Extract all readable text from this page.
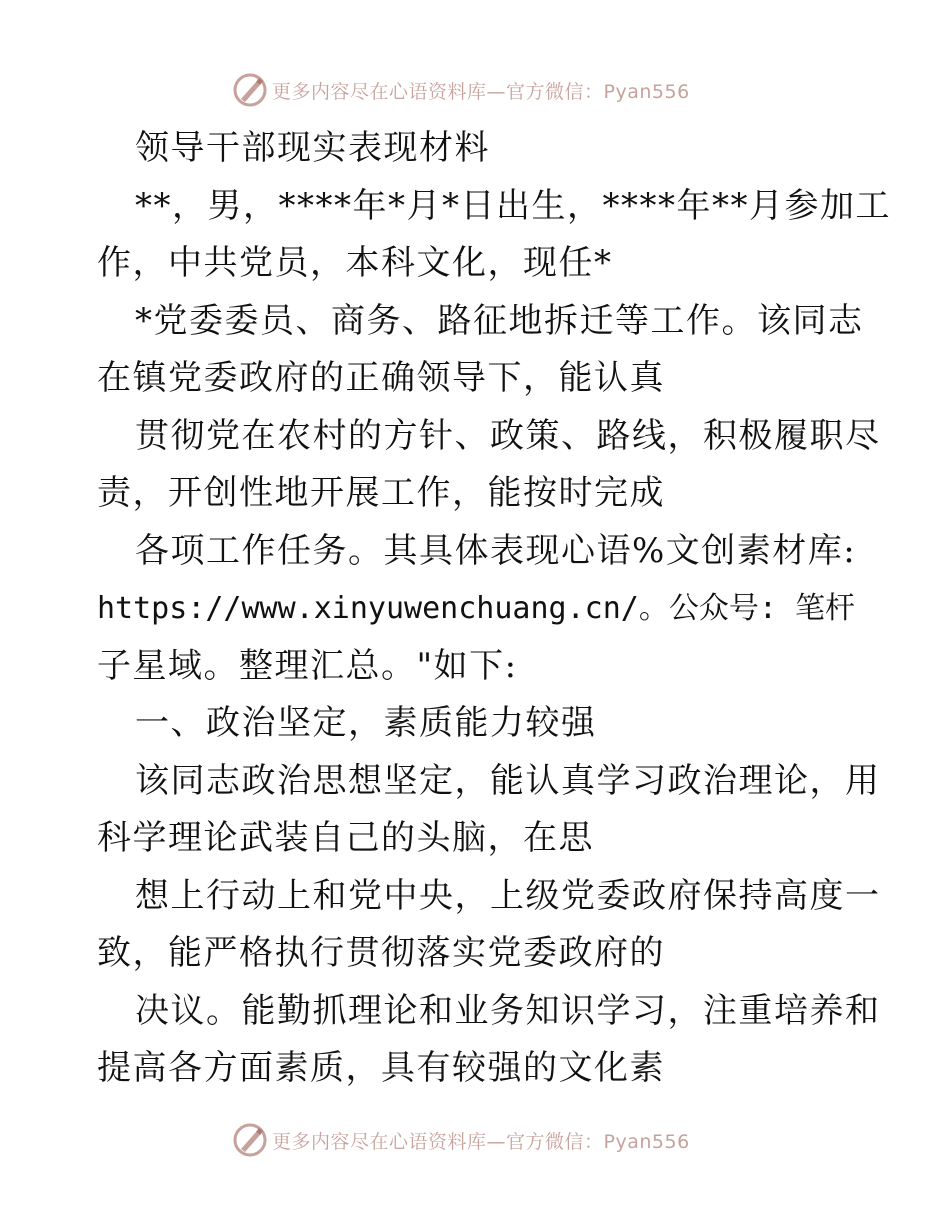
更多内容尽在心语资料库—官方微信：Pyan556
领导干部现实表现材料
**，男，****年*月*日出生，****年**月参加工
作，中共党员，本科文化，现任*
*党委委员、商务、路征地拆迁等工作。该同志
在镇党委政府的正确领导下，能认真
贯彻党在农村的方针、政策、路线，积极履职尽
责，开创性地开展工作，能按时完成
各项工作任务。其具体表现心语%文创素材库:
https://www.xinyuwenchuang.cn/。公众号: 笔杆
子星域。整理汇总。"如下:
一、政治坚定，素质能力较强
该同志政治思想坚定，能认真学习政治理论，用
科学理论武装自己的头脑，在思
想上行动上和党中央，上级党委政府保持高度一
致，能严格执行贯彻落实党委政府的
决议。能勤抓理论和业务知识学习，注重培养和
提高各方面素质，具有较强的文化素
更多内容尽在心语资料库—官方微信：Pyan556
